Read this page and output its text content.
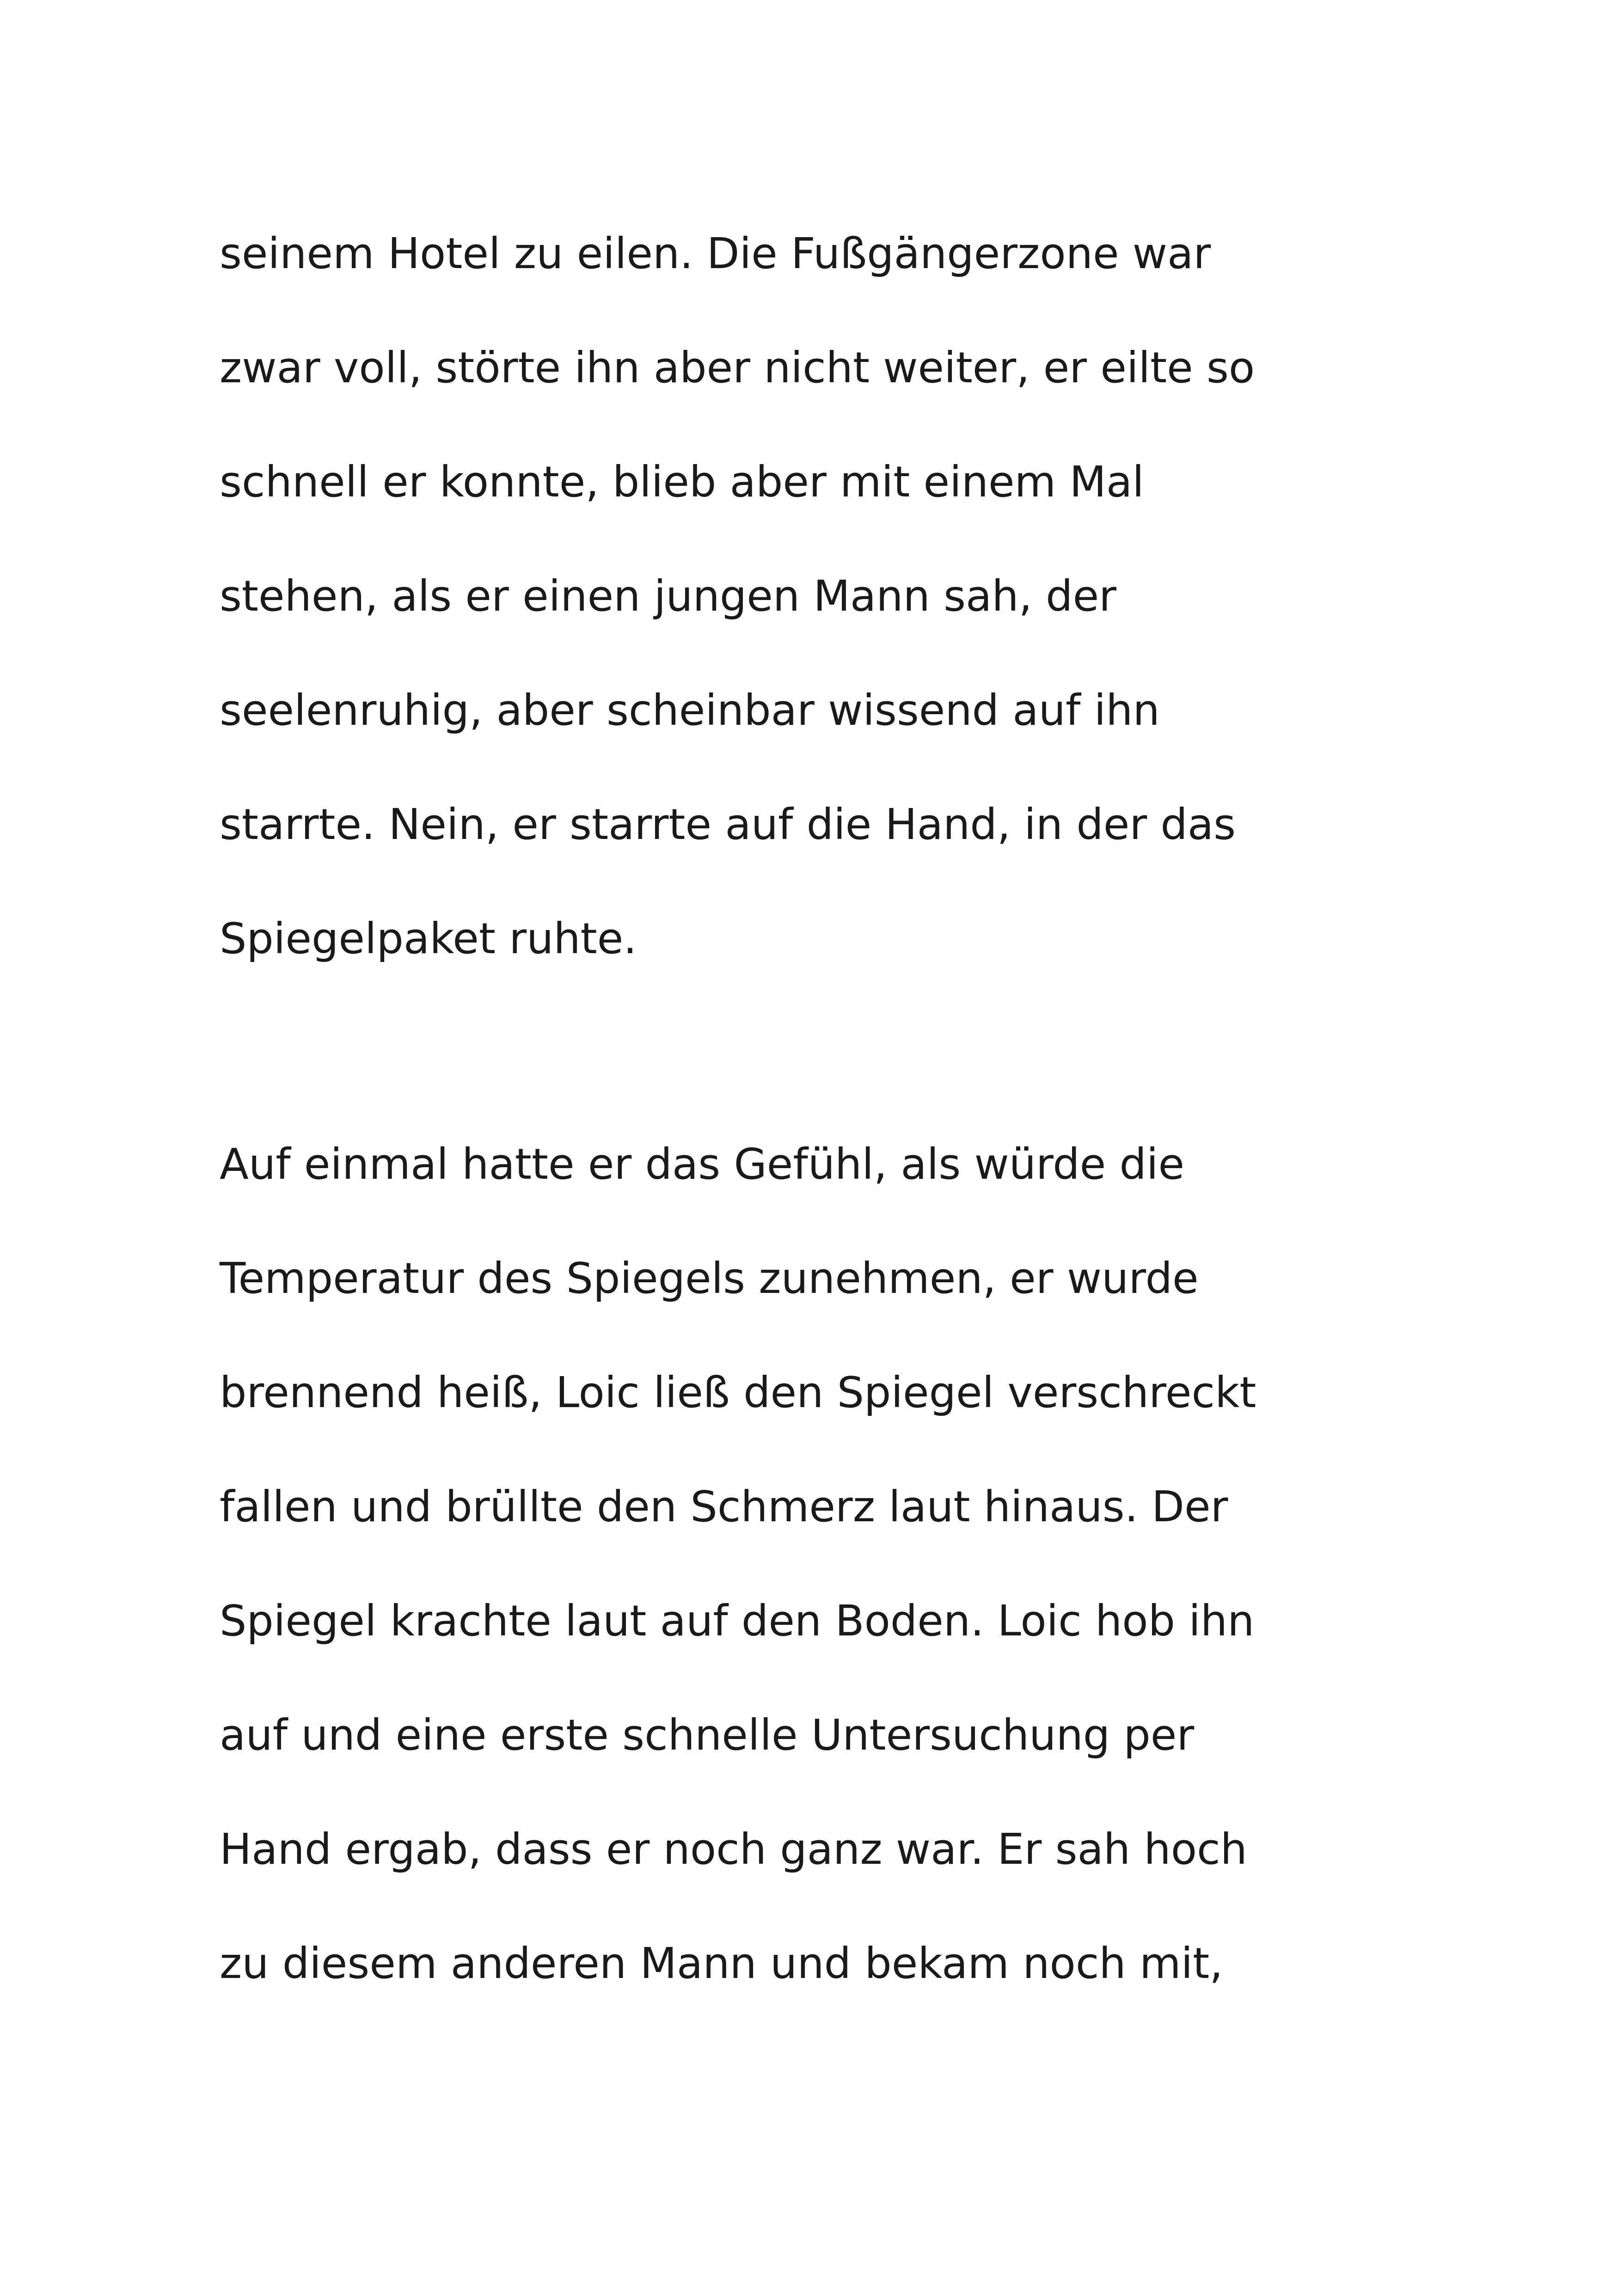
seinem Hotel zu eilen. Die Fußgängerzone war
zwar voll, störte ihn aber nicht weiter, er eilte so
schnell er konnte, blieb aber mit einem Mal
stehen, als er einen jungen Mann sah, der
seelenruhig, aber scheinbar wissend auf ihn
starrte. Nein, er starrte auf die Hand, in der das
Spiegelpaket ruhte.
Auf einmal hatte er das Gefühl, als würde die
Temperatur des Spiegels zunehmen, er wurde
brennend heiß, Loic ließ den Spiegel verschreckt
fallen und brüllte den Schmerz laut hinaus. Der
Spiegel krachte laut auf den Boden. Loic hob ihn
auf und eine erste schnelle Untersuchung per
Hand ergab, dass er noch ganz war. Er sah hoch
zu diesem anderen Mann und bekam noch mit,
